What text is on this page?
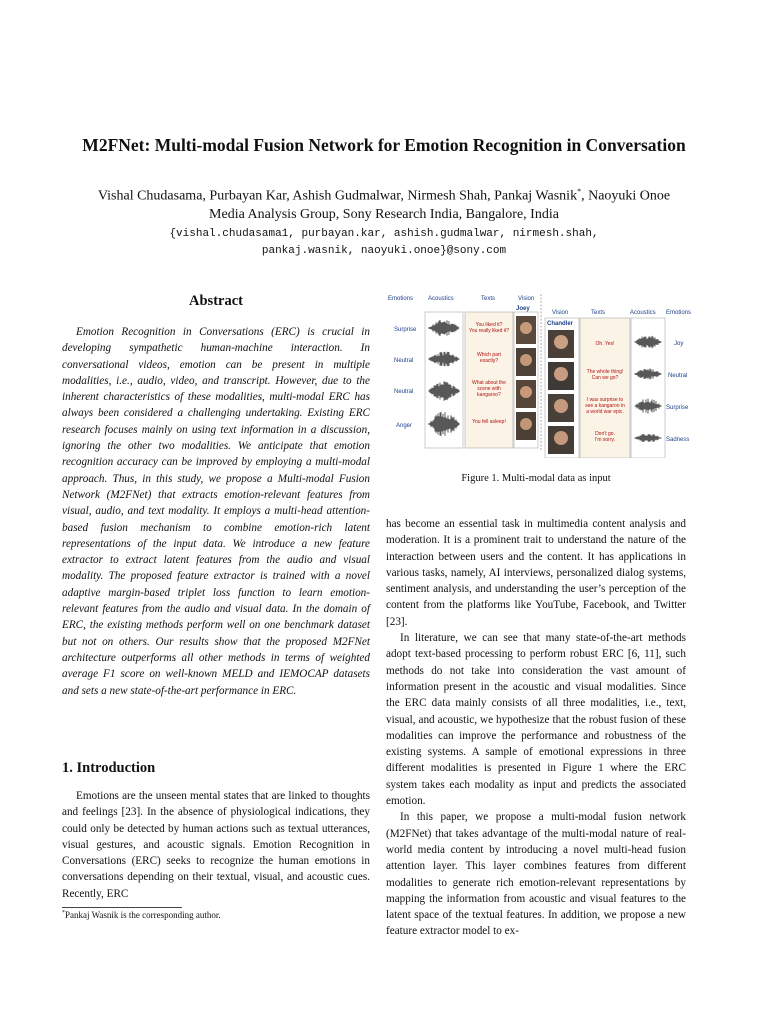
M2FNet: Multi-modal Fusion Network for Emotion Recognition in Conversation
Vishal Chudasama, Purbayan Kar, Ashish Gudmalwar, Nirmesh Shah, Pankaj Wasnik*, Naoyuki Onoe
Media Analysis Group, Sony Research India, Bangalore, India
{vishal.chudasama1, purbayan.kar, ashish.gudmalwar, nirmesh.shah,
pankaj.wasnik, naoyuki.onoe}@sony.com
Abstract

Emotion Recognition in Conversations (ERC) is crucial in developing sympathetic human-machine interaction. In conversational videos, emotion can be present in multiple modalities, i.e., audio, video, and transcript. However, due to the inherent characteristics of these modalities, multi-modal ERC has always been considered a challenging undertaking. Existing ERC research focuses mainly on using text information in a discussion, ignoring the other two modalities. We anticipate that emotion recognition accuracy can be improved by employing a multi-modal approach. Thus, in this study, we propose a Multi-modal Fusion Network (M2FNet) that extracts emotion-relevant features from visual, audio, and text modality. It employs a multi-head attention-based fusion mechanism to combine emotion-rich latent representations of the input data. We introduce a new feature extractor to extract latent features from the audio and visual modality. The proposed feature extractor is trained with a novel adaptive margin-based triplet loss function to learn emotion-relevant features from the audio and visual data. In the domain of ERC, the existing methods perform well on one benchmark dataset but not on others. Our results show that the proposed M2FNet architecture outperforms all other methods in terms of weighted average F1 score on well-known MELD and IEMOCAP datasets and sets a new state-of-the-art performance in ERC.

1. Introduction

Emotions are the unseen mental states that are linked to thoughts and feelings [23]. In the absence of physiological indications, they could only be detected by human actions such as textual utterances, visual gestures, and acoustic signals. Emotion Recognition in Conversations (ERC) seeks to recognize the human emotions in conversations depending on their textual, visual, and acoustic cues. Recently, ERC

*Pankaj Wasnik is the corresponding author.
Emotions Acoustics	Texts	Vision
Joey
Surprise
Neutral
Neutral
Anger
You liked it?
You really liked it?
Which part
exactly?
What about the
scene with
kangaroo?
You fell asleep!
Vision	Texts	Acoustics Emotions
Chandler
Oh. Yes!
The whole thing!
Can we go?
I was surprise to
see a kangaroo in
a world war epic.
Don't go.
I'm sorry.
Joy
Neutral
Surprise
Sadness
Figure 1. Multi-modal data as input

has become an essential task in multimedia content analysis and moderation. It is a prominent trait to understand the nature of the interaction between users and the content. It has applications in various tasks, namely, AI interviews, personalized dialog systems, sentiment analysis, and understanding the user’s perception of the content from the platforms like YouTube, Facebook, and Twitter [23].

In literature, we can see that many state-of-the-art methods adopt text-based processing to perform robust ERC [6, 11], such methods do not take into consideration the vast amount of information present in the acoustic and visual modalities. Since the ERC data mainly consists of all three modalities, i.e., text, visual, and acoustic, we hypothesize that the robust fusion of these modalities can improve the performance and robustness of the existing systems. A sample of emotional expressions in three different modalities is presented in Figure 1 where the ERC system takes each modality as input and predicts the associated emotion.

In this paper, we propose a multi-modal fusion network (M2FNet) that takes advantage of the multi-modal nature of real-world media content by introducing a novel multi-head fusion attention layer. This layer combines features from different modalities to generate rich emotion-relevant representations by mapping the information from acoustic and visual features to the latent space of the textual features. In addition, we propose a new feature extractor model to ex-
